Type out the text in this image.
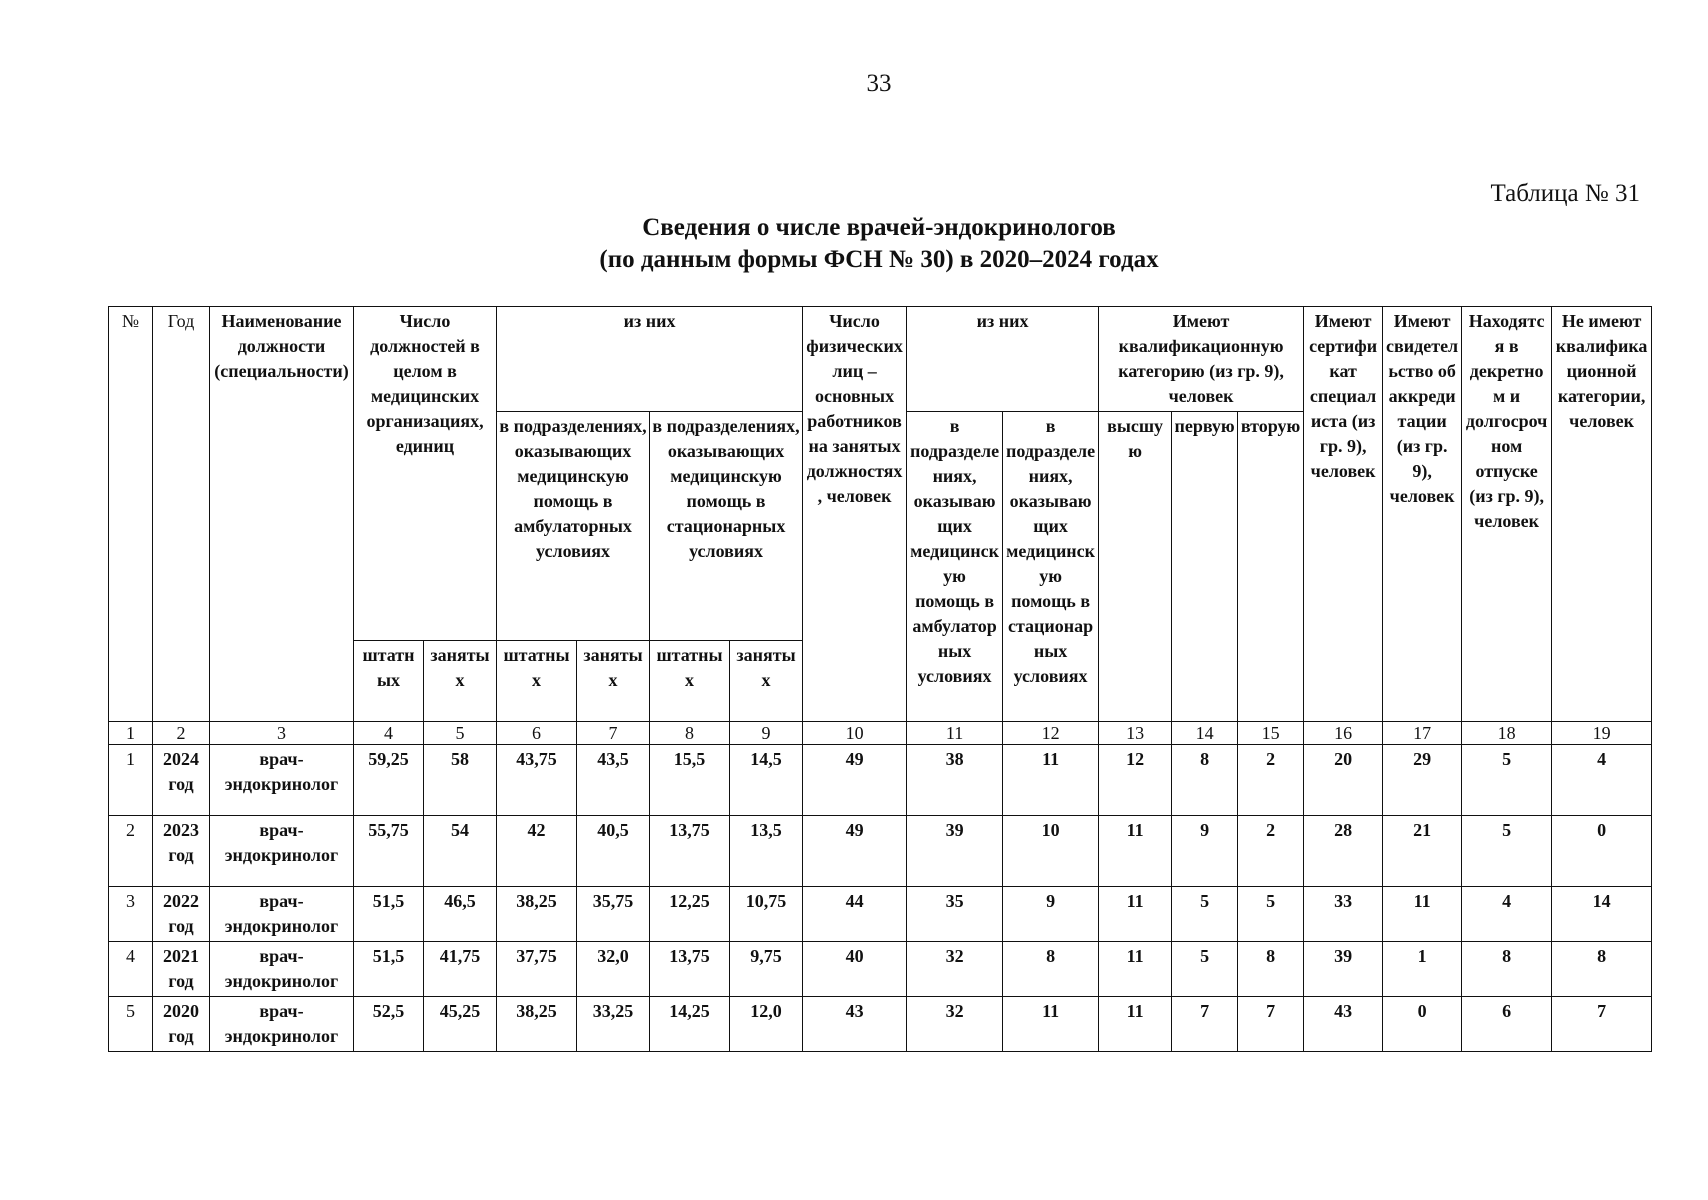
33
Таблица № 31
Сведения о числе врачей-эндокринологов
(по данным формы ФСН № 30) в 2020–2024 годах
№	Год	Наименование должности (специальности)	Число должностей в целом в медицинских организациях, единиц		из них				Число физических лиц – основных работников на занятых должностях, человек	из них		Имеют квалификационную категорию (из гр. 9), человек			Имеют сертификат специалиста (из гр. 9), человек	Имеют свидетельство об аккредитации (из гр. 9), человек	Находятся в декретном и долгосрочном отпуске (из гр. 9), человек	Не имеют квалификационной категории, человек
					в подразделениях, оказывающих медицинскую помощь в амбулаторных условиях		в подразделениях, оказывающих медицинскую помощь в стационарных условиях			в подразделениях, оказывающих медицинскую помощь в амбулаторных условиях	в подразделениях, оказывающих медицинскую помощь в стационарных условиях	высшую	первую	вторую				
			штатных	занятых	штатных	занятых	штатных	занятых										
1	2	3	4	5	6	7	8	9	10	11	12	13	14	15	16	17	18	19
1	2024 год	врач-эндокринолог	59,25	58	43,75	43,5	15,5	14,5	49	38	11	12	8	2	20	29	5	4
2	2023 год	врач-эндокринолог	55,75	54	42	40,5	13,75	13,5	49	39	10	11	9	2	28	21	5	0
3	2022 год	врач-эндокринолог	51,5	46,5	38,25	35,75	12,25	10,75	44	35	9	11	5	5	33	11	4	14
4	2021 год	врач-эндокринолог	51,5	41,75	37,75	32,0	13,75	9,75	40	32	8	11	5	8	39	1	8	8
5	2020 год	врач-эндокринолог	52,5	45,25	38,25	33,25	14,25	12,0	43	32	11	11	7	7	43	0	6	7
